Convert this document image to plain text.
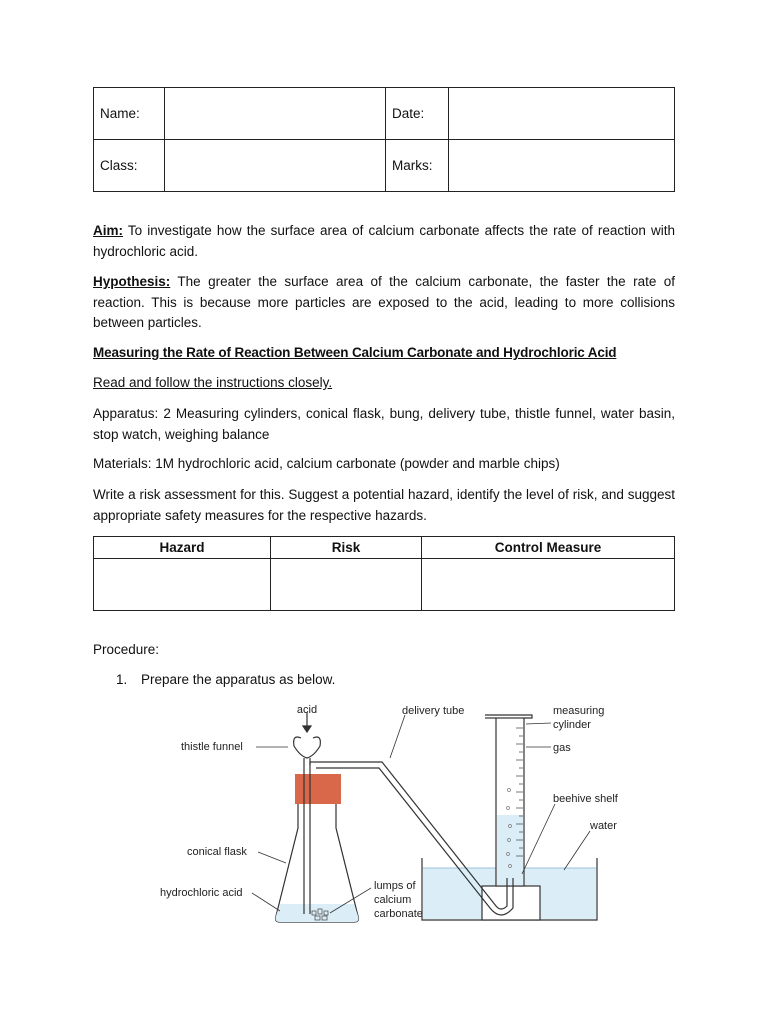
Name:		Date:	
Class:		Marks:	
Aim: To investigate how the surface area of calcium carbonate affects the rate of reaction with hydrochloric acid.
Hypothesis: The greater the surface area of the calcium carbonate, the faster the rate of reaction. This is because more particles are exposed to the acid, leading to more collisions between particles.
Measuring the Rate of Reaction Between Calcium Carbonate and Hydrochloric Acid
Read and follow the instructions closely.
Apparatus: 2 Measuring cylinders, conical flask, bung, delivery tube, thistle funnel, water basin, stop watch, weighing balance
Materials: 1M hydrochloric acid, calcium carbonate (powder and marble chips)
Write a risk assessment for this. Suggest a potential hazard, identify the level of risk, and suggest appropriate safety measures for the respective hazards.
Hazard	Risk	Control Measure

Procedure:
1. Prepare the apparatus as below.
acid	delivery tube	measuring
cylinder
thistle funnel	gas
beehive shelf
water
conical flask
hydrochloric acid
lumps of
calcium
carbonate
